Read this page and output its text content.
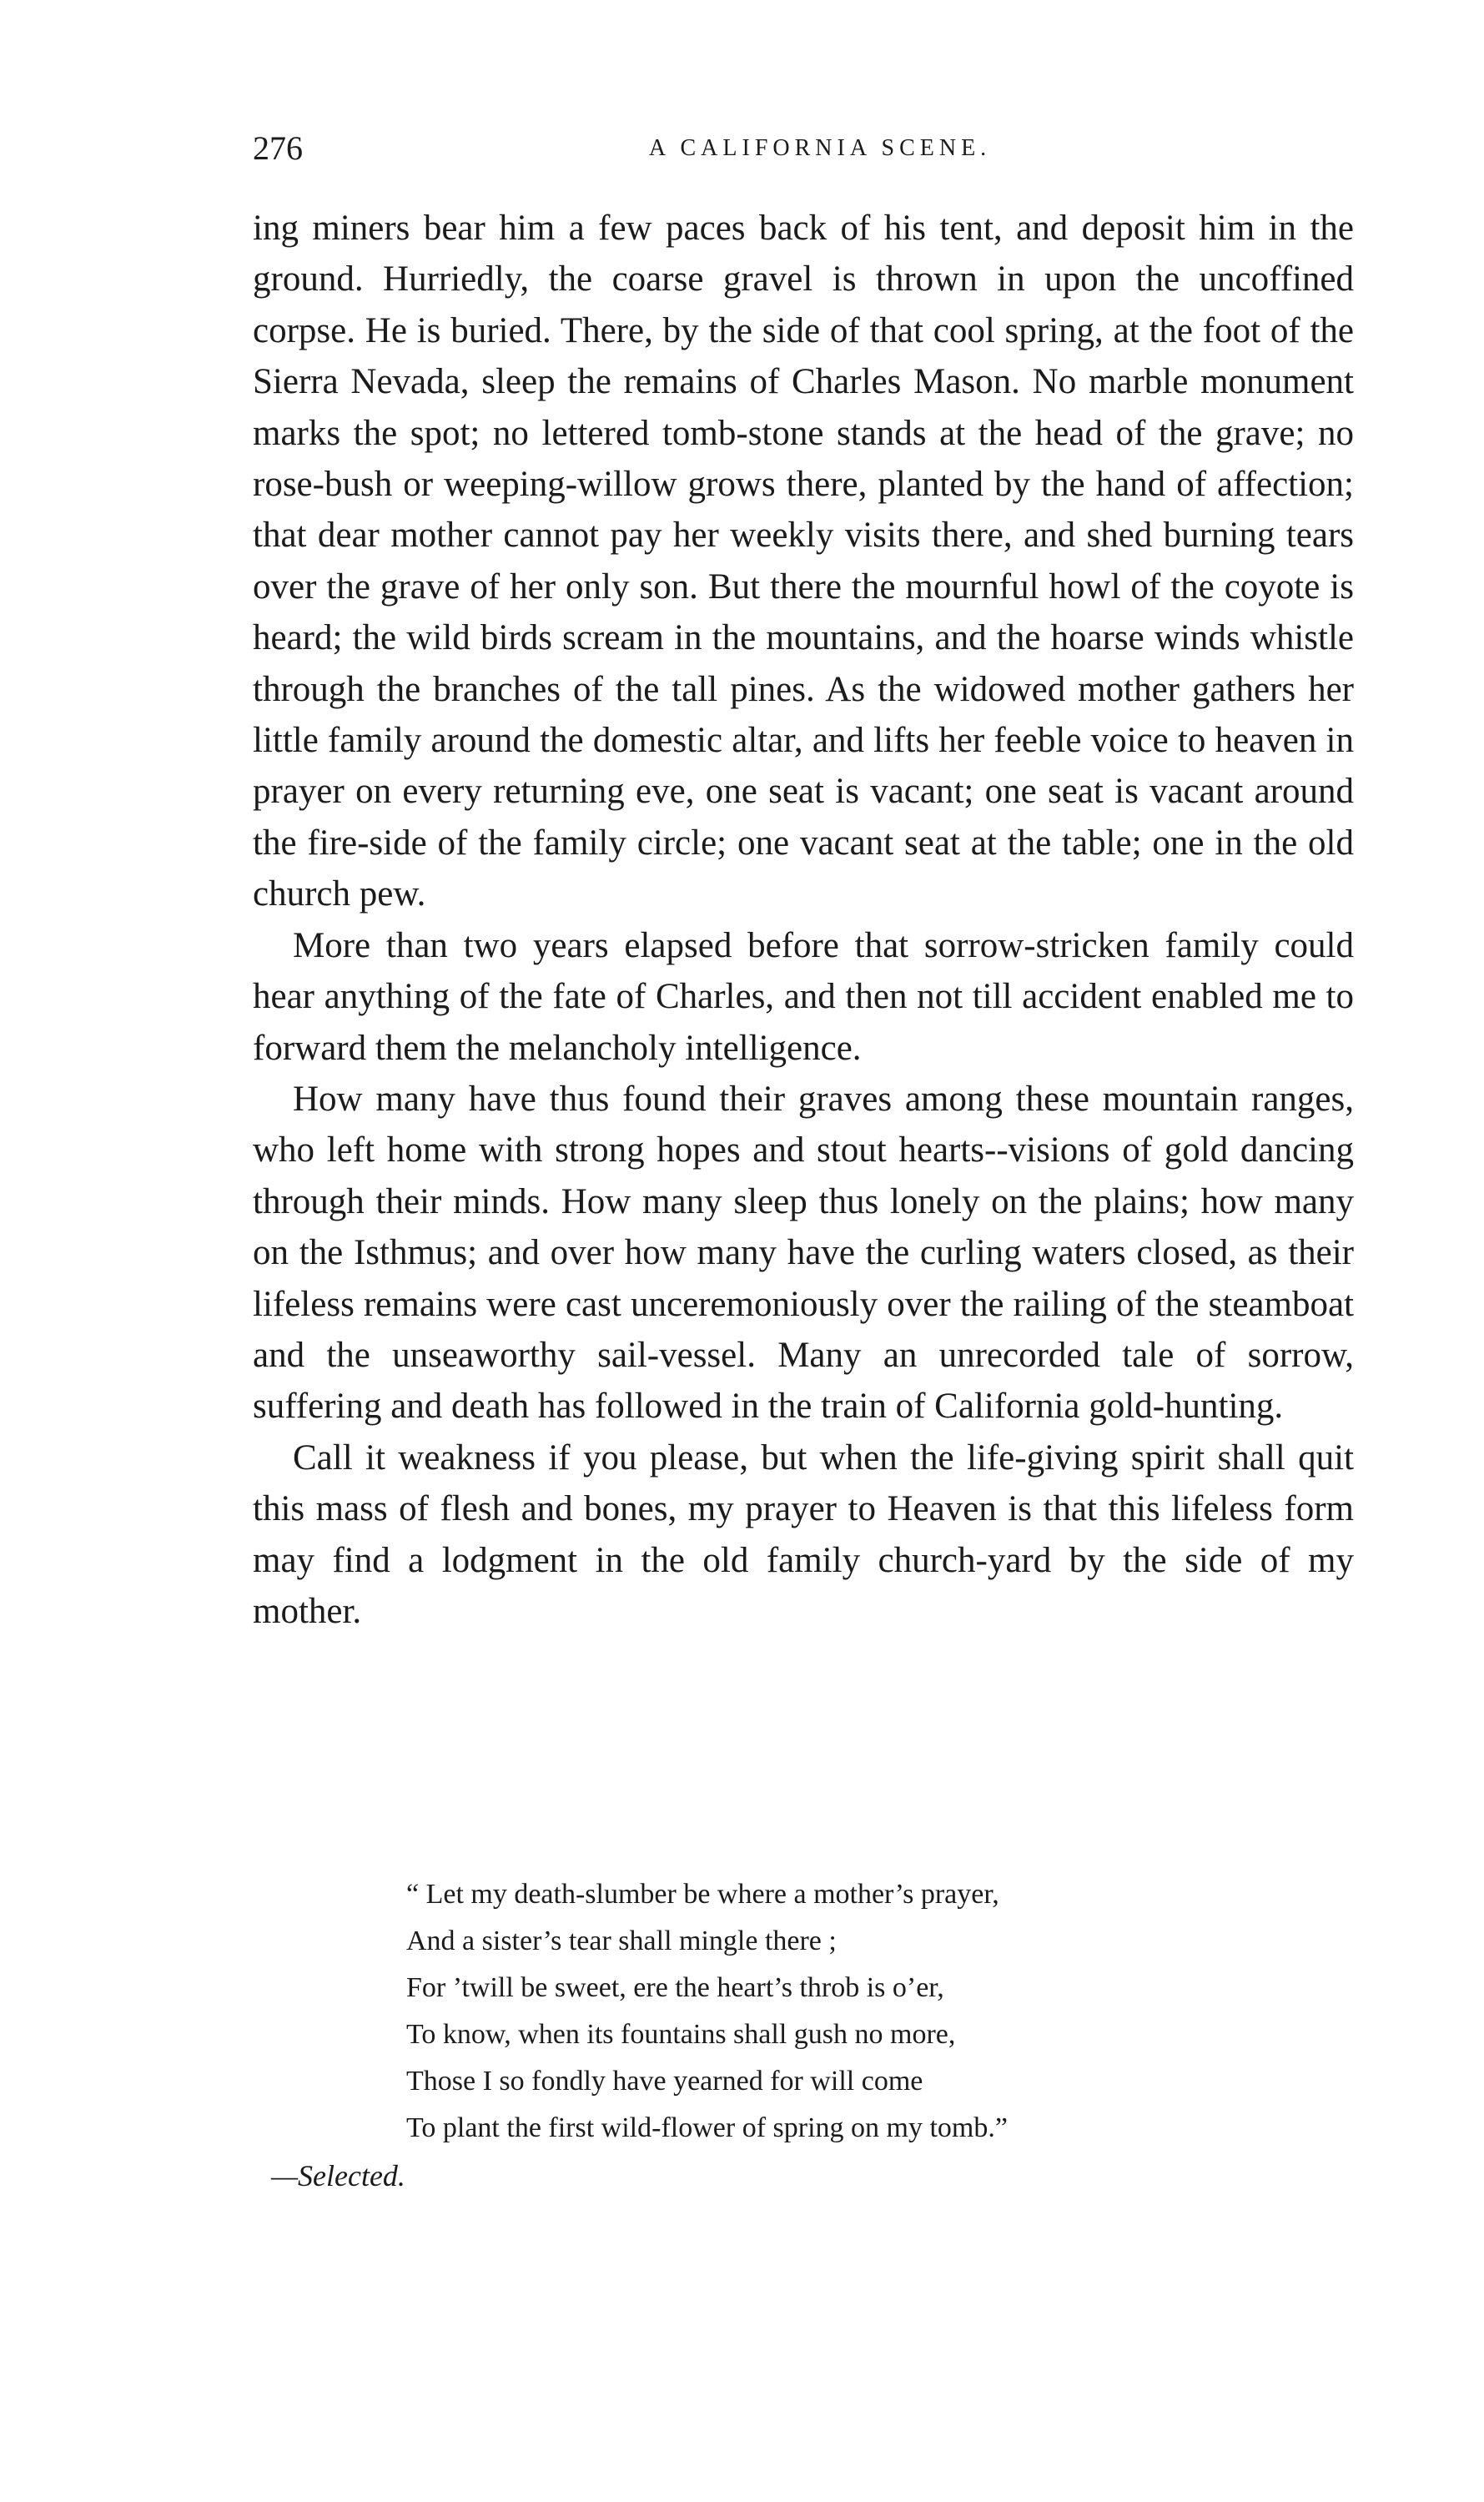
276	A CALIFORNIA SCENE.

ing miners bear him a few paces back of his tent, and deposit him in the ground. Hurriedly, the coarse gravel is thrown in upon the uncoffined corpse. He is buried. There, by the side of that cool spring, at the foot of the Sierra Nevada, sleep the remains of Charles Mason. No marble monument marks the spot; no lettered tomb-stone stands at the head of the grave; no rose-bush or weeping-willow grows there, planted by the hand of affection; that dear mother cannot pay her weekly visits there, and shed burning tears over the grave of her only son. But there the mournful howl of the coyote is heard; the wild birds scream in the mountains, and the hoarse winds whistle through the branches of the tall pines. As the widowed mother gathers her little family around the domestic altar, and lifts her feeble voice to heaven in prayer on every returning eve, one seat is vacant; one seat is vacant around the fire-side of the family circle; one vacant seat at the table; one in the old church pew.

More than two years elapsed before that sorrow-stricken family could hear anything of the fate of Charles, and then not till accident enabled me to forward them the melancholy intelligence.

How many have thus found their graves among these mountain ranges, who left home with strong hopes and stout hearts--visions of gold dancing through their minds. How many sleep thus lonely on the plains; how many on the Isthmus; and over how many have the curling waters closed, as their lifeless remains were cast unceremoniously over the railing of the steamboat and the unseaworthy sail-vessel. Many an unrecorded tale of sorrow, suffering and death has followed in the train of California gold-hunting.

Call it weakness if you please, but when the life-giving spirit shall quit this mass of flesh and bones, my prayer to Heaven is that this lifeless form may find a lodgment in the old family church-yard by the side of my mother.

“ Let my death-slumber be where a mother’s prayer,
And a sister’s tear shall mingle there ;
For ’twill be sweet, ere the heart’s throb is o’er,
To know, when its fountains shall gush no more,
Those I so fondly have yearned for will come
To plant the first wild-flower of spring on my tomb.”
—Selected.
